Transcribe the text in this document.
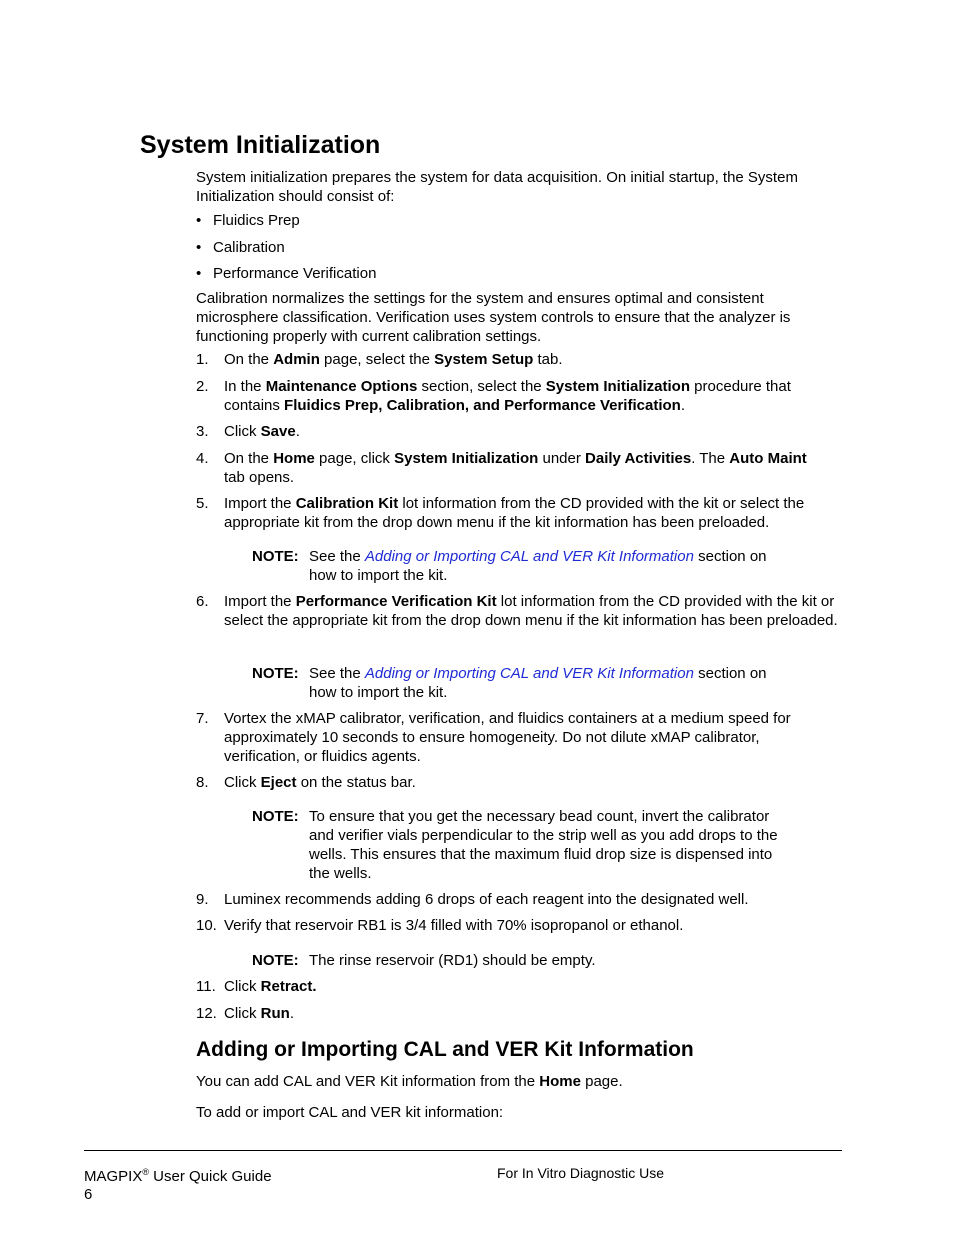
System Initialization

System initialization prepares the system for data acquisition. On initial startup, the System Initialization should consist of:

• Fluidics Prep
• Calibration
• Performance Verification

Calibration normalizes the settings for the system and ensures optimal and consistent microsphere classification. Verification uses system controls to ensure that the analyzer is functioning properly with current calibration settings.

1. On the Admin page, select the System Setup tab.
2. In the Maintenance Options section, select the System Initialization procedure that contains Fluidics Prep, Calibration, and Performance Verification.
3. Click Save.
4. On the Home page, click System Initialization under Daily Activities. The Auto Maint
tab opens.
5. Import the Calibration Kit lot information from the CD provided with the kit or select the appropriate kit from the drop down menu if the kit information has been preloaded.
NOTE: See the Adding or Importing CAL and VER Kit Information section on how to import the kit.
6. Import the Performance Verification Kit lot information from the CD provided with the kit or select the appropriate kit from the drop down menu if the kit information has been preloaded.
NOTE: See the Adding or Importing CAL and VER Kit Information section on how to import the kit.
7. Vortex the xMAP calibrator, verification, and fluidics containers at a medium speed for approximately 10 seconds to ensure homogeneity. Do not dilute xMAP calibrator, verification, or fluidics agents.
8. Click Eject on the status bar.
NOTE: To ensure that you get the necessary bead count, invert the calibrator and verifier vials perpendicular to the strip well as you add drops to the wells. This ensures that the maximum fluid drop size is dispensed into the wells.
9. Luminex recommends adding 6 drops of each reagent into the designated well.
10. Verify that reservoir RB1 is 3/4 filled with 70% isopropanol or ethanol.
NOTE: The rinse reservoir (RD1) should be empty.
11. Click Retract.
12. Click Run.
Adding or Importing CAL and VER Kit Information

You can add CAL and VER Kit information from the Home page.

To add or import CAL and VER kit information:

MAGPIX® User Quick Guide
6
For In Vitro Diagnostic Use
